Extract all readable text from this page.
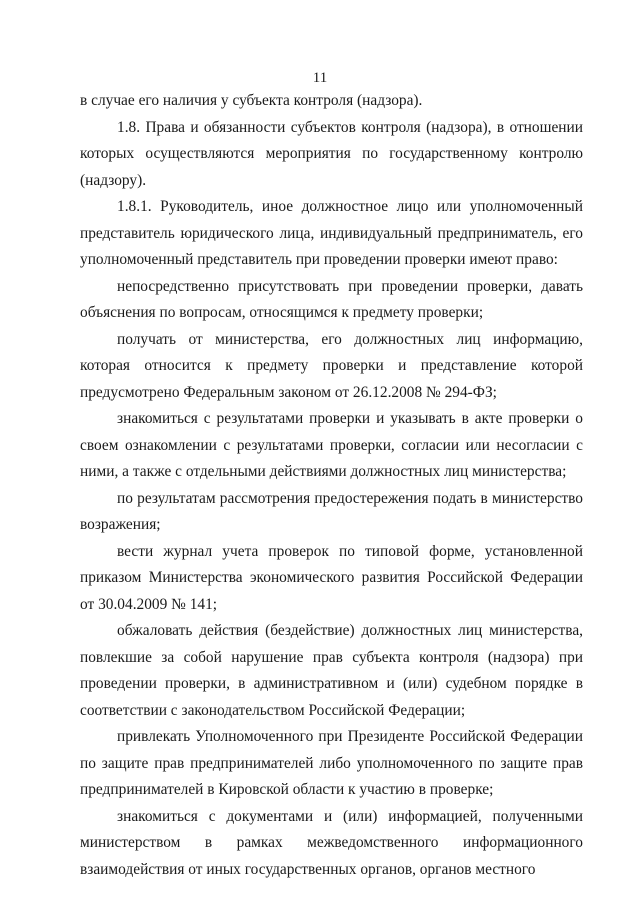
11

в случае его наличия у субъекта контроля (надзора).

1.8. Права и обязанности субъектов контроля (надзора), в отношении которых осуществляются мероприятия по государственному контролю (надзору).

1.8.1. Руководитель, иное должностное лицо или уполномоченный представитель юридического лица, индивидуальный предприниматель, его уполномоченный представитель при проведении проверки имеют право:

непосредственно присутствовать при проведении проверки, давать объяснения по вопросам, относящимся к предмету проверки;

получать от министерства, его должностных лиц информацию, которая относится к предмету проверки и представление которой предусмотрено Федеральным законом от 26.12.2008 № 294-ФЗ;

знакомиться с результатами проверки и указывать в акте проверки о своем ознакомлении с результатами проверки, согласии или несогласии с ними, а также с отдельными действиями должностных лиц министерства;

по результатам рассмотрения предостережения подать в министерство возражения;

вести журнал учета проверок по типовой форме, установленной приказом Министерства экономического развития Российской Федерации от 30.04.2009 № 141;

обжаловать действия (бездействие) должностных лиц министерства, повлекшие за собой нарушение прав субъекта контроля (надзора) при проведении проверки, в административном и (или) судебном порядке в соответствии с законодательством Российской Федерации;

привлекать Уполномоченного при Президенте Российской Федерации по защите прав предпринимателей либо уполномоченного по защите прав предпринимателей в Кировской области к участию в проверке;

знакомиться с документами и (или) информацией, полученными министерством в рамках межведомственного информационного взаимодействия от иных государственных органов, органов местного
